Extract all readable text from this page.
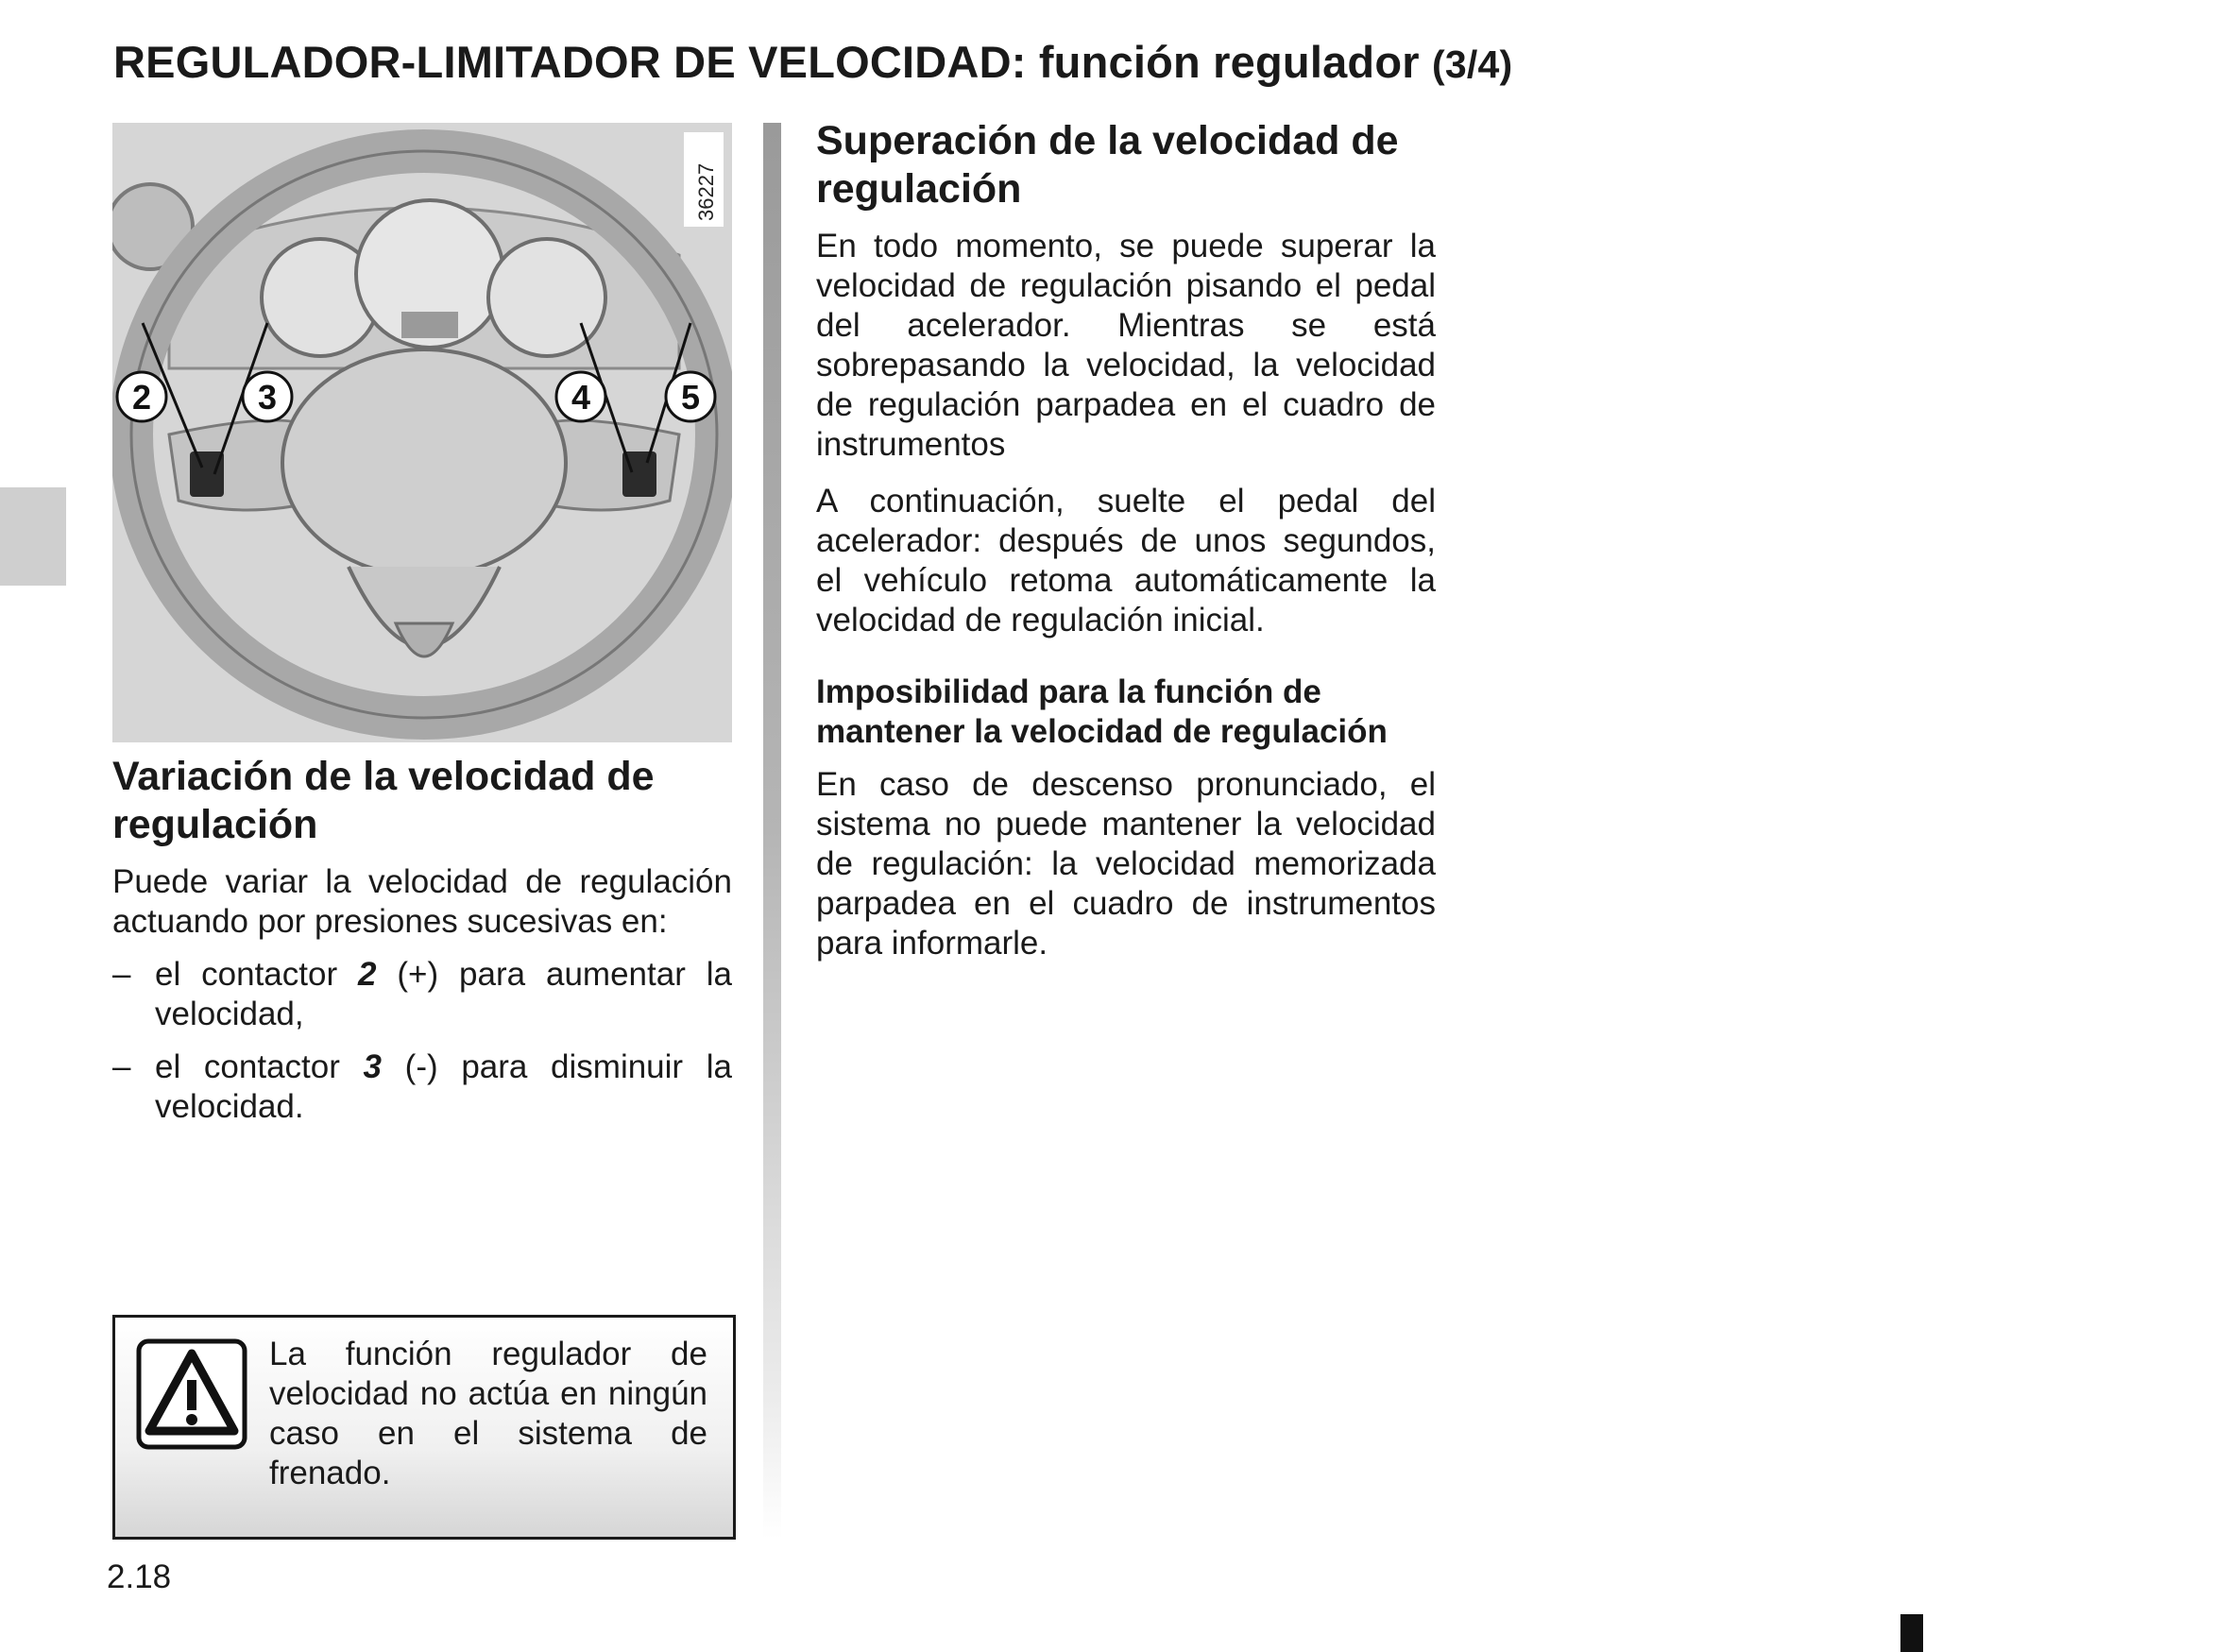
REGULADOR-LIMITADOR DE VELOCIDAD: función regulador (3/4)
36227
2	3	4	5
Variación de la velocidad de regulación

Puede variar la velocidad de regulación actuando por presiones sucesivas en:

– el contactor 2 (+) para aumentar la velocidad,
– el contactor 3 (-) para disminuir la velocidad.
Superación de la velocidad de regulación

En todo momento, se puede superar la velocidad de regulación pisando el pedal del acelerador. Mientras se está sobrepasando la velocidad, la velocidad de regulación parpadea en el cuadro de instrumentos

A continuación, suelte el pedal del acelerador: después de unos segundos, el vehículo retoma automáticamente la velocidad de regulación inicial.

Imposibilidad para la función de mantener la velocidad de regulación

En caso de descenso pronunciado, el sistema no puede mantener la velocidad de regulación: la velocidad memorizada parpadea en el cuadro de instrumentos para informarle.

La función regulador de velocidad no actúa en ningún caso en el sistema de frenado.

2.18
